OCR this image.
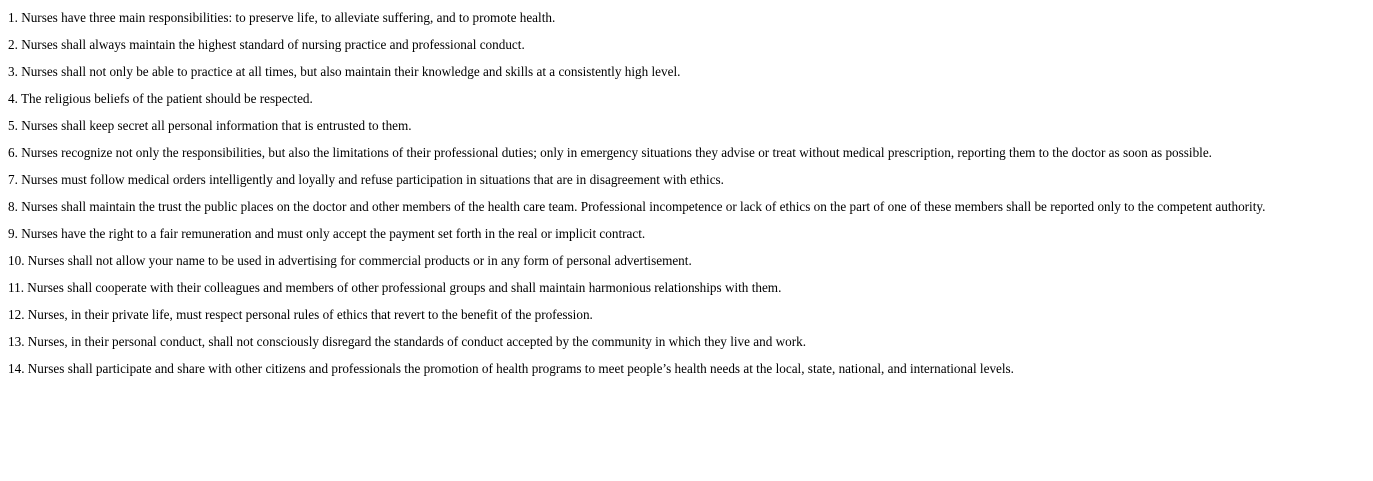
1. Nurses have three main responsibilities: to preserve life, to alleviate suffering, and to promote health.
2. Nurses shall always maintain the highest standard of nursing practice and professional conduct.
3. Nurses shall not only be able to practice at all times, but also maintain their knowledge and skills at a consistently high level.
4. The religious beliefs of the patient should be respected.
5. Nurses shall keep secret all personal information that is entrusted to them.
6. Nurses recognize not only the responsibilities, but also the limitations of their professional duties; only in emergency situations they advise or treat without medical prescription, reporting them to the doctor as soon as possible.
7. Nurses must follow medical orders intelligently and loyally and refuse participation in situations that are in disagreement with ethics.
8. Nurses shall maintain the trust the public places on the doctor and other members of the health care team. Professional incompetence or lack of ethics on the part of one of these members shall be reported only to the competent authority.
9. Nurses have the right to a fair remuneration and must only accept the payment set forth in the real or implicit contract.
10. Nurses shall not allow your name to be used in advertising for commercial products or in any form of personal advertisement.
11. Nurses shall cooperate with their colleagues and members of other professional groups and shall maintain harmonious relationships with them.
12. Nurses, in their private life, must respect personal rules of ethics that revert to the benefit of the profession.
13. Nurses, in their personal conduct, shall not consciously disregard the standards of conduct accepted by the community in which they live and work.
14. Nurses shall participate and share with other citizens and professionals the promotion of health programs to meet people’s health needs at the local, state, national, and international levels.
